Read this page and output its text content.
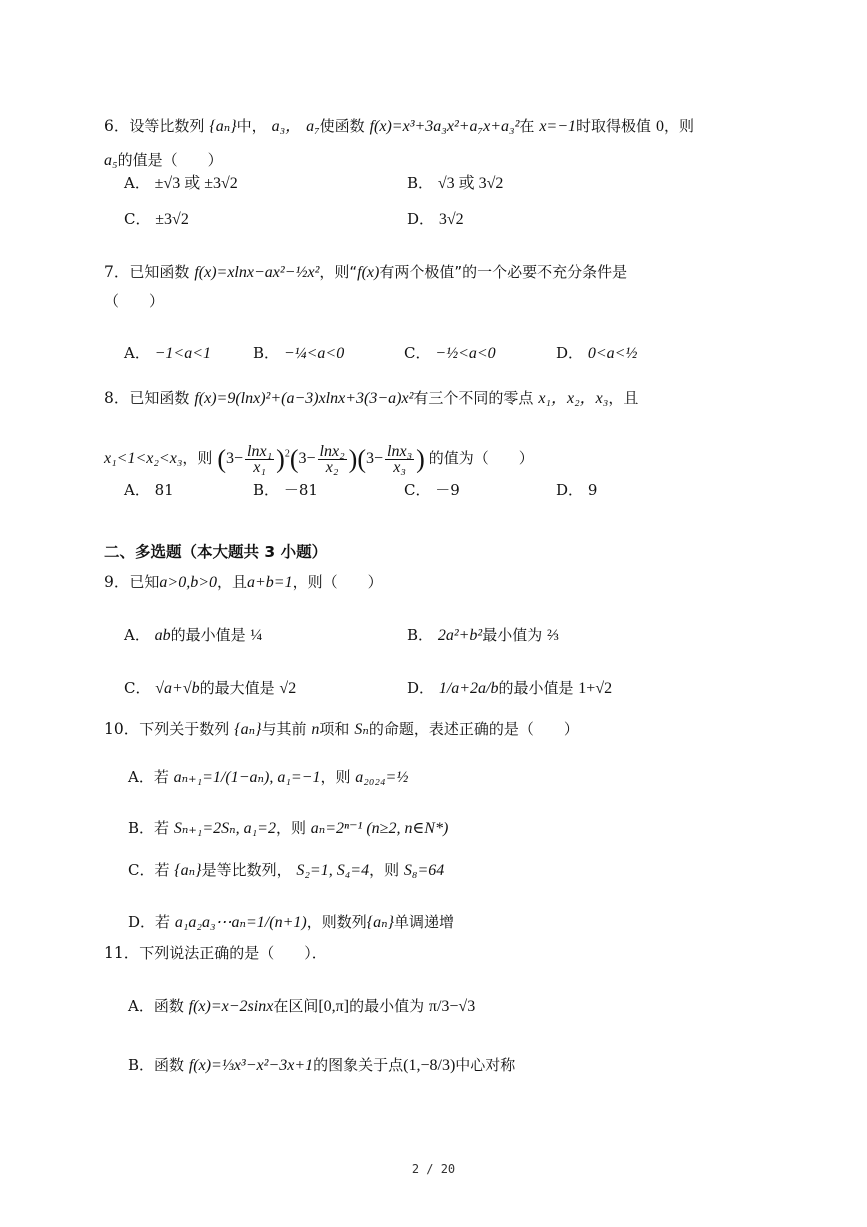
6．设等比数列 {aₙ}中， a₃， a₇使函数 f(x)=x³+3a₃x²+a₇x+a₃²在 x=−1时取得极值 0，则
a₅的值是（　　）
A． ±√3 或 ±3√2	B． √3 或 3√2
C． ±3√2	D． 3√2
7．已知函数 f(x)=xlnx−ax²−½x²，则“f(x)有两个极值”的一个必要不充分条件是
（　　）
A． −1<a<1	B． −¼<a<0	C． −½<a<0	D． 0<a<½
8．已知函数 f(x)=9(lnx)²+(a−3)xlnx+3(3−a)x²有三个不同的零点 x₁，x₂，x₃，且
x₁<1<x₂<x₃，则 $(3- \frac{\text{lnx₁}}{\text{x₁}} )^2(3- \frac{\text{lnx₂}}{\text{x₂}} )(3- \frac{\text{lnx₃}}{\text{x₃}}$ ) 的值为（　　）
A． 81	B． －81	C． －9	D． 9
二、多选题（本大题共 3 小题）
9．已知a>0,b>0，且a+b=1，则（　　）
A． ab的最小值是 ¼	B． 2a²+b²最小值为 ⅔
C． √a+√b的最大值是 √2	D． 1/a+2a/b的最小值是 1+√2
10．下列关于数列 {aₙ}与其前 n项和 Sₙ的命题，表述正确的是（　　）
A．若 aₙ₊₁=1/(1−aₙ), a₁=−1，则 a₂₀₂₄=½
B．若 Sₙ₊₁=2Sₙ, a₁=2，则 aₙ=2ⁿ⁻¹ (n≥2, n∈N*)
C．若 {aₙ}是等比数列， S₂=1, S₄=4，则 S₈=64
D．若 a₁a₂a₃⋯aₙ=1/(n+1)，则数列{aₙ}单调递增
11．下列说法正确的是（　　）．
A．函数 f(x)=x−2sinx在区间[0,π]的最小值为 π/3−√3
B．函数 f(x)=⅓x³−x²−3x+1的图象关于点(1,−8/3)中心对称
2 / 20
